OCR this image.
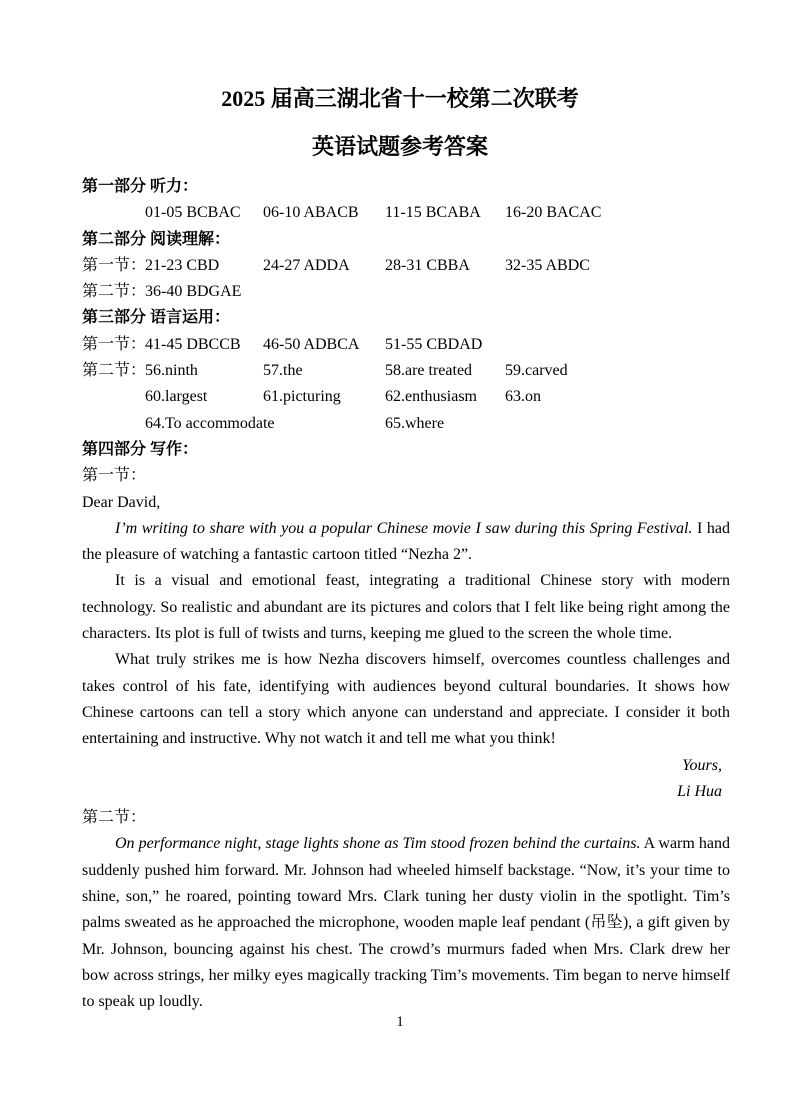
2025 届高三湖北省十一校第二次联考
英语试题参考答案
第一部分 听力：
01-05 BCBAC	06-10 ABACB	11-15 BCABA	16-20 BACAC
第二部分 阅读理解：
第一节：
21-23 CBD	24-27 ADDA	28-31 CBBA	32-35 ABDC
第二节：
36-40 BDGAE
第三部分 语言运用：
第一节：
41-45 DBCCB	46-50 ADBCA	51-55 CBDAD
第二节：
56.ninth	57.the	58.are treated	59.carved
60.largest	61.picturing	62.enthusiasm	63.on
64.To accommodate	65.where
第四部分 写作：
第一节：

Dear David,

I’m writing to share with you a popular Chinese movie I saw during this Spring Festival. I had the pleasure of watching a fantastic cartoon titled “Nezha 2”.

It is a visual and emotional feast, integrating a traditional Chinese story with modern technology. So realistic and abundant are its pictures and colors that I felt like being right among the characters. Its plot is full of twists and turns, keeping me glued to the screen the whole time.

What truly strikes me is how Nezha discovers himself, overcomes countless challenges and takes control of his fate, identifying with audiences beyond cultural boundaries. It shows how Chinese cartoons can tell a story which anyone can understand and appreciate. I consider it both entertaining and instructive. Why not watch it and tell me what you think!

Yours,
Li Hua
第二节：

On performance night, stage lights shone as Tim stood frozen behind the curtains. A warm hand suddenly pushed him forward. Mr. Johnson had wheeled himself backstage. “Now, it’s your time to shine, son,” he roared, pointing toward Mrs. Clark tuning her dusty violin in the spotlight. Tim’s palms sweated as he approached the microphone, wooden maple leaf pendant (吊坠), a gift given by Mr. Johnson, bouncing against his chest. The crowd’s murmurs faded when Mrs. Clark drew her bow across strings, her milky eyes magically tracking Tim’s movements. Tim began to nerve himself to speak up loudly.

1
